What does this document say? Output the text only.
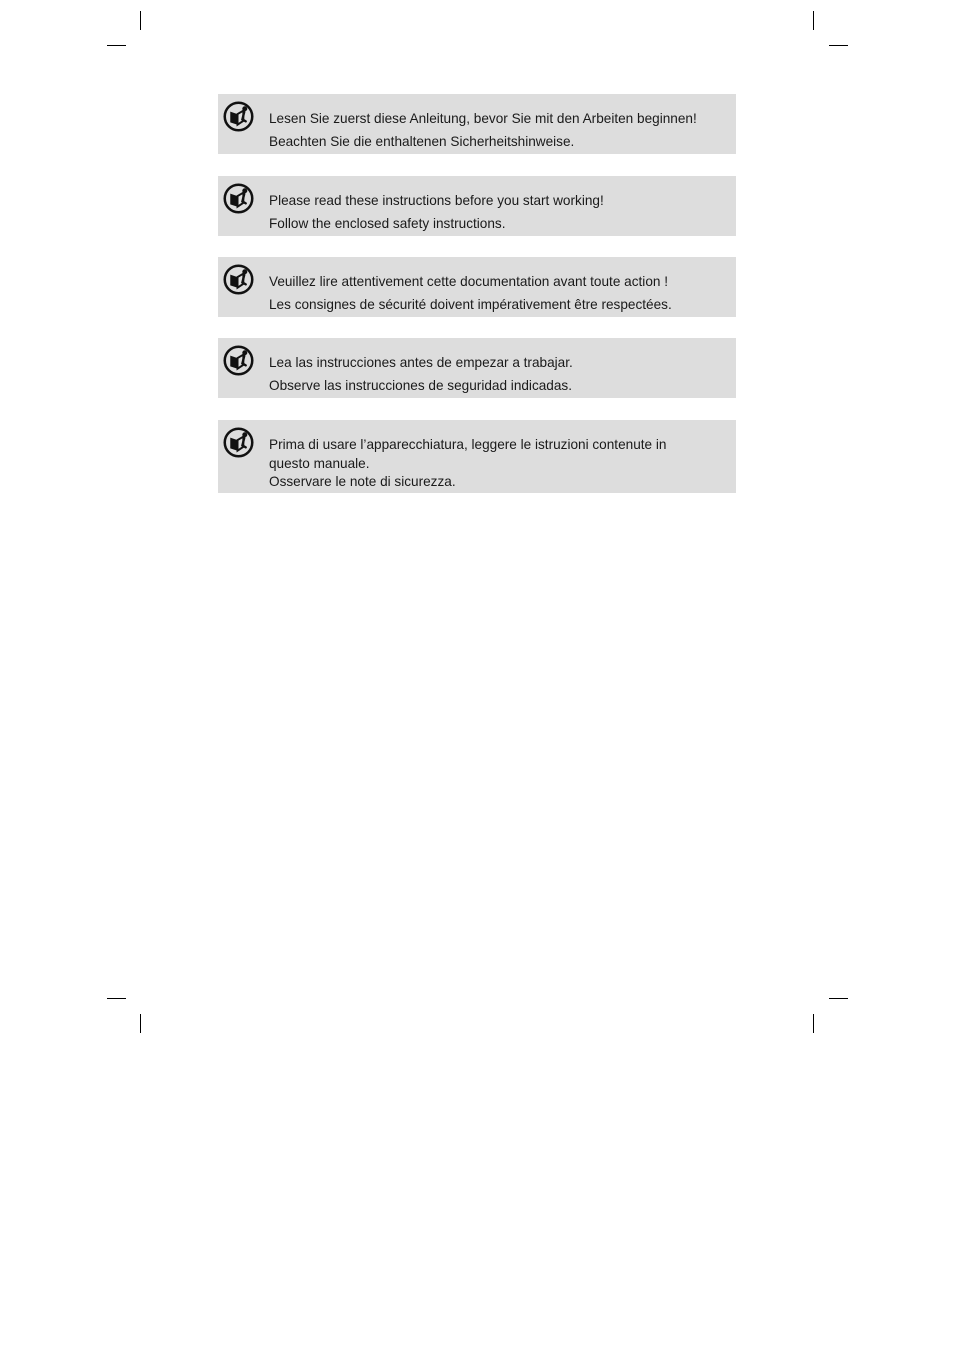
Lesen Sie zuerst diese Anleitung, bevor Sie mit den Arbeiten beginnen!
Beachten Sie die enthaltenen Sicherheitshinweise.
Please read these instructions before you start working!
Follow the enclosed safety instructions.
Veuillez lire attentivement cette documentation avant toute action !
Les consignes de sécurité doivent impérativement être respectées.
Lea las instrucciones antes de empezar a trabajar.
Observe las instrucciones de seguridad indicadas.
Prima di usare l’apparecchiatura, leggere le istruzioni contenute in questo manuale.
Osservare le note di sicurezza.
